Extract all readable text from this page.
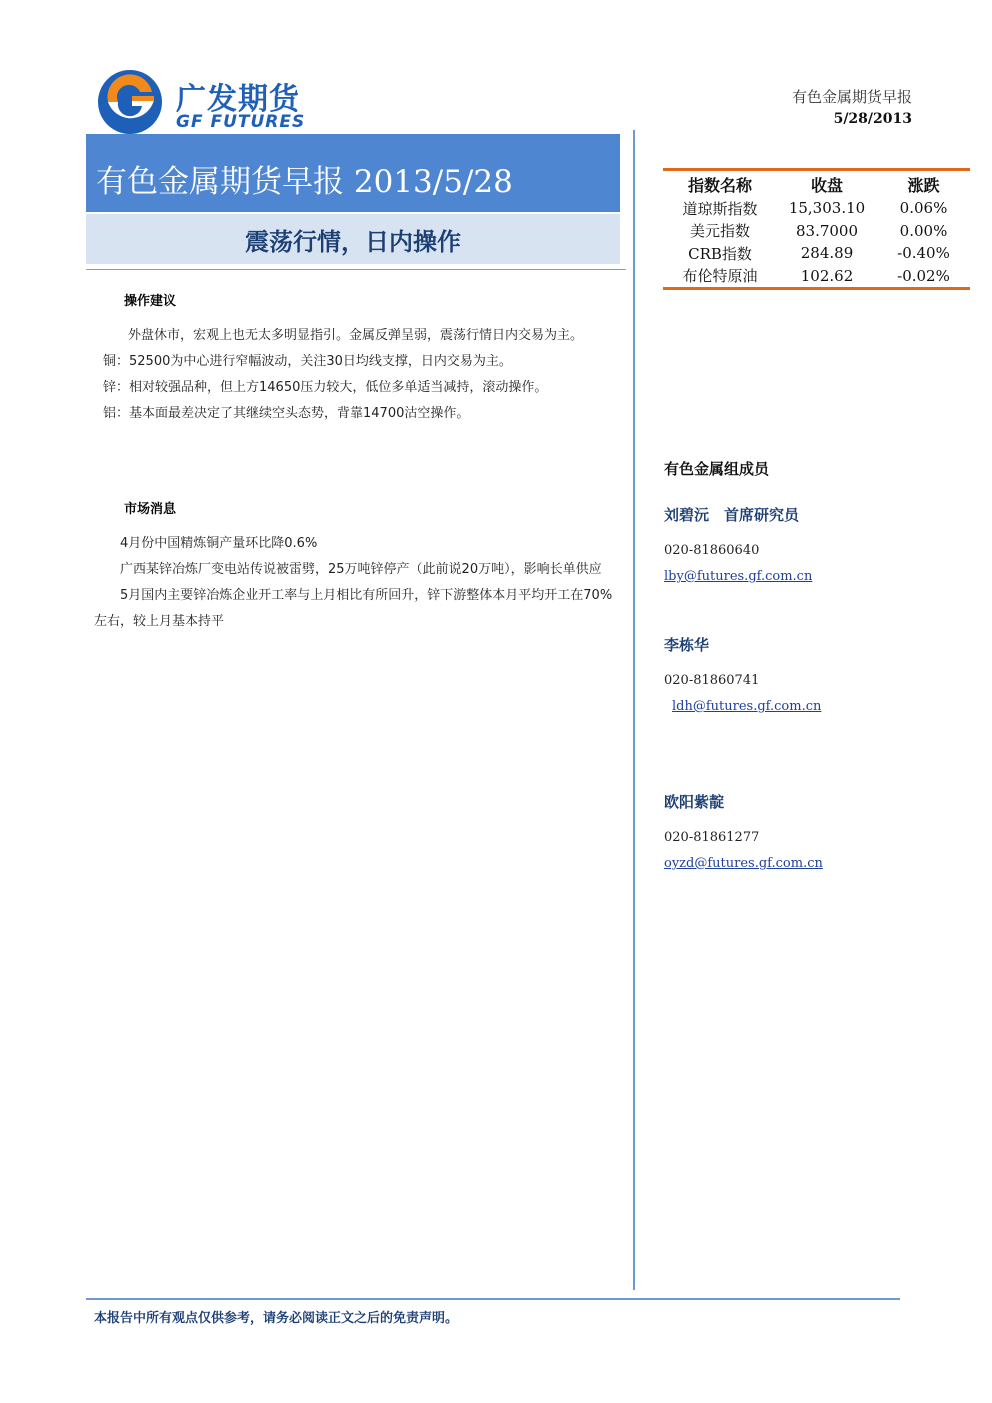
广发期货
GF FUTURES
有色金属期货早报
5/28/2013
有色金属期货早报 2013/5/28
震荡行情，日内操作
操作建议
外盘休市，宏观上也无太多明显指引。金属反弹呈弱，震荡行情日内交易为主。
铜：52500为中心进行窄幅波动，关注30日均线支撑，日内交易为主。
锌：相对较强品种，但上方14650压力较大，低位多单适当减持，滚动操作。
铝：基本面最差决定了其继续空头态势，背靠14700沽空操作。
市场消息
4月份中国精炼铜产量环比降0.6%
广西某锌冶炼厂变电站传说被雷劈，25万吨锌停产（此前说20万吨），影响长单供应
5月国内主要锌冶炼企业开工率与上月相比有所回升，锌下游整体本月平均开工在70%
左右，较上月基本持平
指数名称	收盘	涨跌
道琼斯指数	15,303.10	0.06%
美元指数	83.7000	0.00%
CRB指数	284.89	-0.40%
布伦特原油	102.62	-0.02%
有色金属组成员
刘碧沅　首席研究员
020-81860640
lby@futures.gf.com.cn
李栋华
020-81860741
ldh@futures.gf.com.cn
欧阳紫靛
020-81861277
oyzd@futures.gf.com.cn
本报告中所有观点仅供参考，请务必阅读正文之后的免责声明。
